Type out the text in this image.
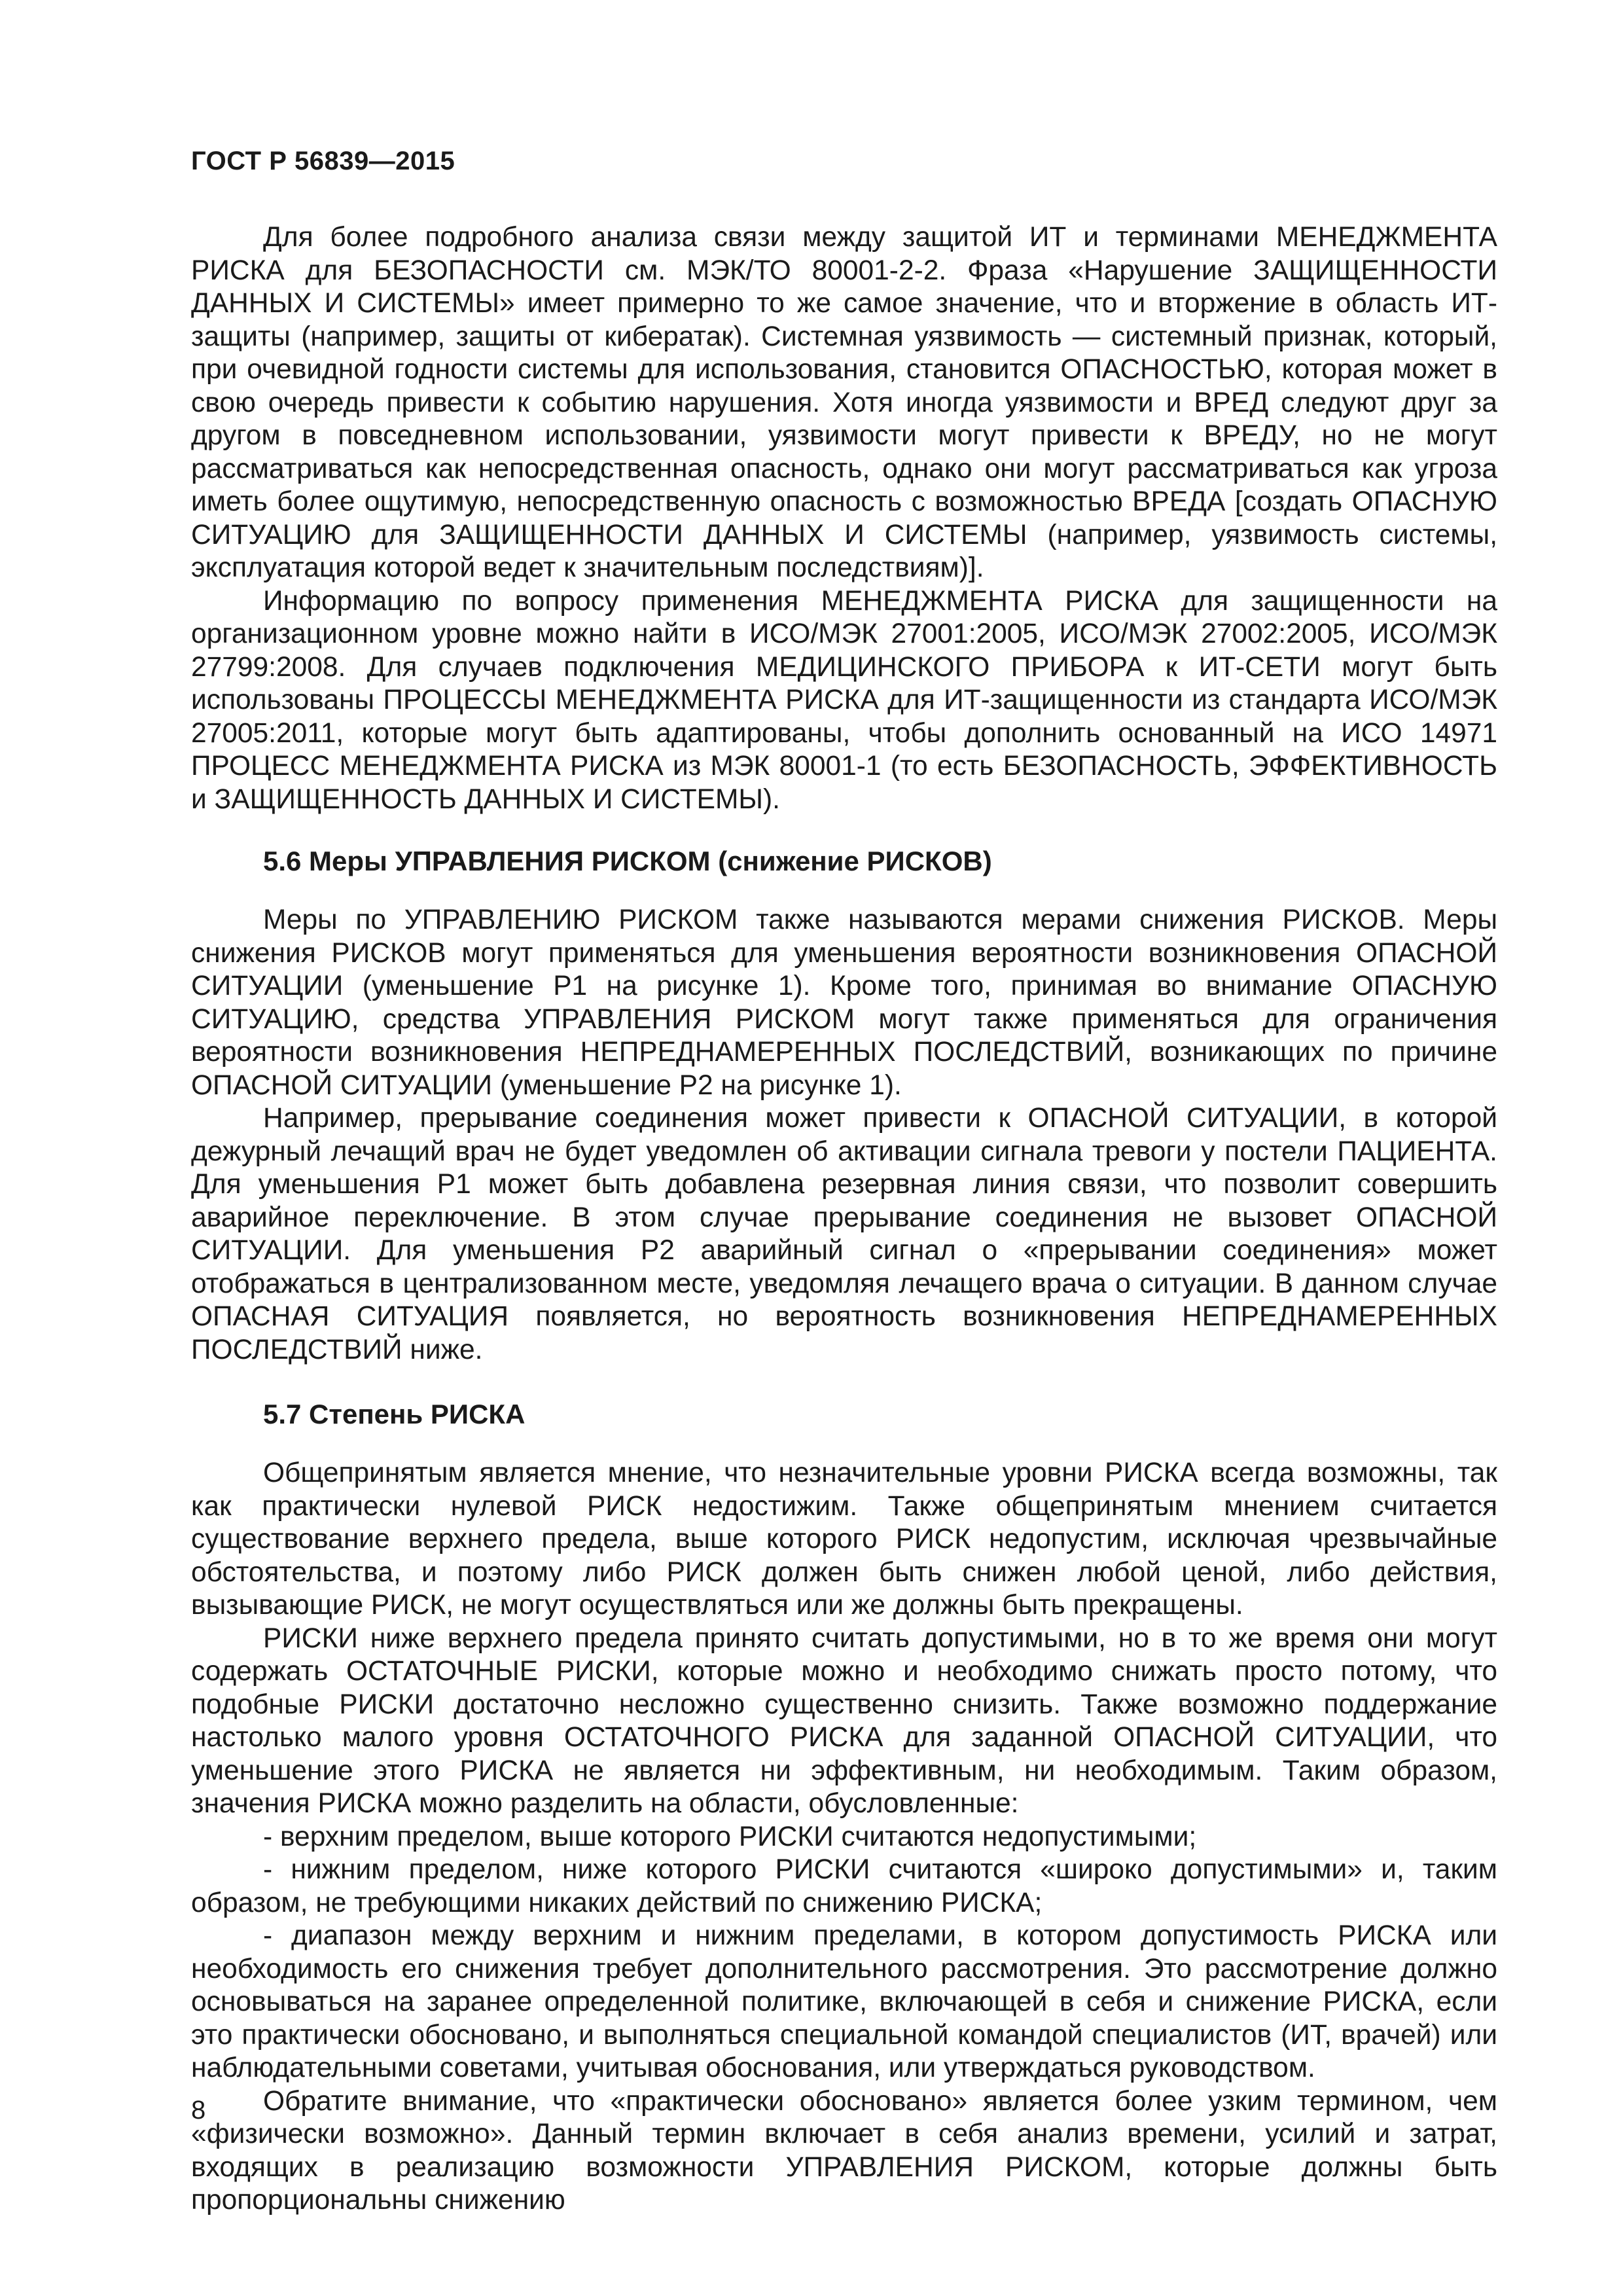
ГОСТ Р 56839—2015

Для более подробного анализа связи между защитой ИТ и терминами МЕНЕДЖМЕНТА РИСКА для БЕЗОПАСНОСТИ см. МЭК/ТО 80001-2-2. Фраза «Нарушение ЗАЩИЩЕННОСТИ ДАННЫХ И СИСТЕМЫ» имеет примерно то же самое значение, что и вторжение в область ИТ-защиты (например, защиты от кибератак). Системная уязвимость — системный признак, который, при очевидной годности системы для использования, становится ОПАСНОСТЬЮ, которая может в свою очередь привести к событию нарушения. Хотя иногда уязвимости и ВРЕД следуют друг за другом в повседневном использовании, уязвимости могут привести к ВРЕДУ, но не могут рассматриваться как непосредственная опасность, однако они могут рассматриваться как угроза иметь более ощутимую, непосредственную опасность с возможностью ВРЕДА [создать ОПАСНУЮ СИТУАЦИЮ для ЗАЩИЩЕННОСТИ ДАННЫХ И СИСТЕМЫ (например, уязвимость системы, эксплуатация которой ведет к значительным последствиям)].

Информацию по вопросу применения МЕНЕДЖМЕНТА РИСКА для защищенности на организационном уровне можно найти в ИСО/МЭК 27001:2005, ИСО/МЭК 27002:2005, ИСО/МЭК 27799:2008. Для случаев подключения МЕДИЦИНСКОГО ПРИБОРА к ИТ-СЕТИ могут быть использованы ПРОЦЕССЫ МЕНЕДЖМЕНТА РИСКА для ИТ-защищенности из стандарта ИСО/МЭК 27005:2011, которые могут быть адаптированы, чтобы дополнить основанный на ИСО 14971 ПРОЦЕСС МЕНЕДЖМЕНТА РИСКА из МЭК 80001-1 (то есть БЕЗОПАСНОСТЬ, ЭФФЕКТИВНОСТЬ и ЗАЩИЩЕННОСТЬ ДАННЫХ И СИСТЕМЫ).

5.6 Меры УПРАВЛЕНИЯ РИСКОМ (снижение РИСКОВ)

Меры по УПРАВЛЕНИЮ РИСКОМ также называются мерами снижения РИСКОВ. Меры снижения РИСКОВ могут применяться для уменьшения вероятности возникновения ОПАСНОЙ СИТУАЦИИ (уменьшение P1 на рисунке 1). Кроме того, принимая во внимание ОПАСНУЮ СИТУАЦИЮ, средства УПРАВЛЕНИЯ РИСКОМ могут также применяться для ограничения вероятности возникновения НЕПРЕДНАМЕРЕННЫХ ПОСЛЕДСТВИЙ, возникающих по причине ОПАСНОЙ СИТУАЦИИ (уменьшение P2 на рисунке 1).

Например, прерывание соединения может привести к ОПАСНОЙ СИТУАЦИИ, в которой дежурный лечащий врач не будет уведомлен об активации сигнала тревоги у постели ПАЦИЕНТА. Для уменьшения P1 может быть добавлена резервная линия связи, что позволит совершить аварийное переключение. В этом случае прерывание соединения не вызовет ОПАСНОЙ СИТУАЦИИ. Для уменьшения P2 аварийный сигнал о «прерывании соединения» может отображаться в централизованном месте, уведомляя лечащего врача о ситуации. В данном случае ОПАСНАЯ СИТУАЦИЯ появляется, но вероятность возникновения НЕПРЕДНАМЕРЕННЫХ ПОСЛЕДСТВИЙ ниже.

5.7 Степень РИСКА

Общепринятым является мнение, что незначительные уровни РИСКА всегда возможны, так как практически нулевой РИСК недостижим. Также общепринятым мнением считается существование верхнего предела, выше которого РИСК недопустим, исключая чрезвычайные обстоятельства, и поэтому либо РИСК должен быть снижен любой ценой, либо действия, вызывающие РИСК, не могут осуществляться или же должны быть прекращены.

РИСКИ ниже верхнего предела принято считать допустимыми, но в то же время они могут содержать ОСТАТОЧНЫЕ РИСКИ, которые можно и необходимо снижать просто потому, что подобные РИСКИ достаточно несложно существенно снизить. Также возможно поддержание настолько малого уровня ОСТАТОЧНОГО РИСКА для заданной ОПАСНОЙ СИТУАЦИИ, что уменьшение этого РИСКА не является ни эффективным, ни необходимым. Таким образом, значения РИСКА можно разделить на области, обусловленные:

- верхним пределом, выше которого РИСКИ считаются недопустимыми;

- нижним пределом, ниже которого РИСКИ считаются «широко допустимыми» и, таким образом, не требующими никаких действий по снижению РИСКА;

- диапазон между верхним и нижним пределами, в котором допустимость РИСКА или необходимость его снижения требует дополнительного рассмотрения. Это рассмотрение должно основываться на заранее определенной политике, включающей в себя и снижение РИСКА, если это практически обосновано, и выполняться специальной командой специалистов (ИТ, врачей) или наблюдательными советами, учитывая обоснования, или утверждаться руководством.

Обратите внимание, что «практически обосновано» является более узким термином, чем «физически возможно». Данный термин включает в себя анализ времени, усилий и затрат, входящих в реализацию возможности УПРАВЛЕНИЯ РИСКОМ, которые должны быть пропорциональны снижению

8
